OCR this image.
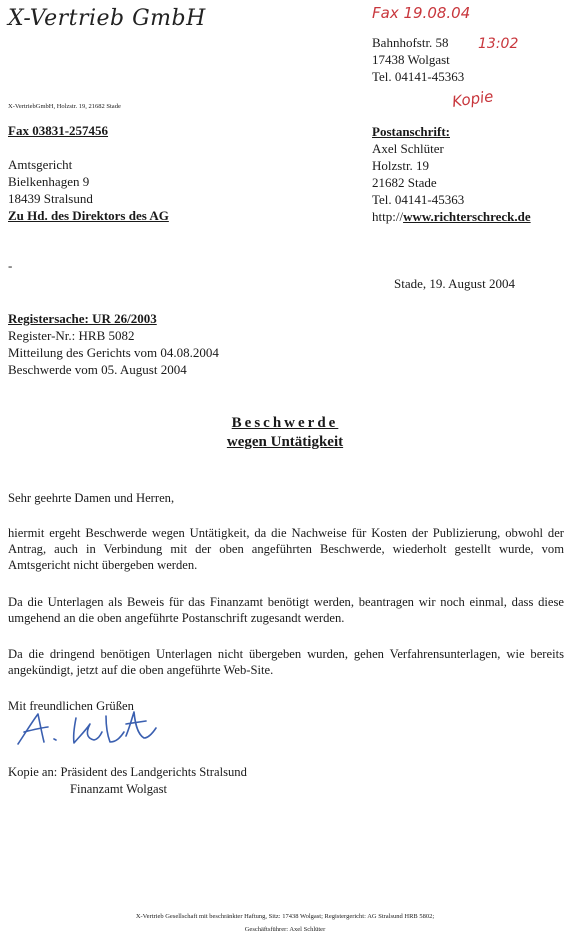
X-Vertrieb GmbH	Fax 19.08.04
13:02
Kopie
Bahnhofstr. 58
17438 Wolgast
Tel. 04141-45363
X-VertriebGmbH, Holzstr. 19, 21682 Stade
Fax 03831-257456
Amtsgericht
Bielkenhagen 9
18439 Stralsund
Zu Hd. des Direktors des AG
Postanschrift:
Axel Schlüter
Holzstr. 19
21682 Stade
Tel. 04141-45363
http://www.richterschreck.de
-
Stade, 19. August 2004
Registersache: UR 26/2003
Register-Nr.: HRB 5082
Mitteilung des Gerichts vom 04.08.2004
Beschwerde vom 05. August 2004
Beschwerde
wegen Untätigkeit
Sehr geehrte Damen und Herren,
hiermit ergeht Beschwerde wegen Untätigkeit, da die Nachweise für Kosten der Publizierung, obwohl der Antrag, auch in Verbindung mit der oben angeführten Beschwerde, wiederholt gestellt wurde, vom Amtsgericht nicht übergeben werden.
Da die Unterlagen als Beweis für das Finanzamt benötigt werden, beantragen wir noch einmal, dass diese umgehend an die oben angeführte Postanschrift zugesandt werden.
Da die dringend benötigen Unterlagen nicht übergeben wurden, gehen Verfahrensunterlagen, wie bereits angekündigt, jetzt auf die oben angeführte Web-Site.
Mit freundlichen Grüßen
Kopie an: Präsident des Landgerichts Stralsund
Finanzamt Wolgast
X-Vertrieb Gesellschaft mit beschränkter Haftung, Sitz: 17438 Wolgast; Registergericht: AG Stralsund HRB 5802;
Geschäftsführer: Axel Schlüter
